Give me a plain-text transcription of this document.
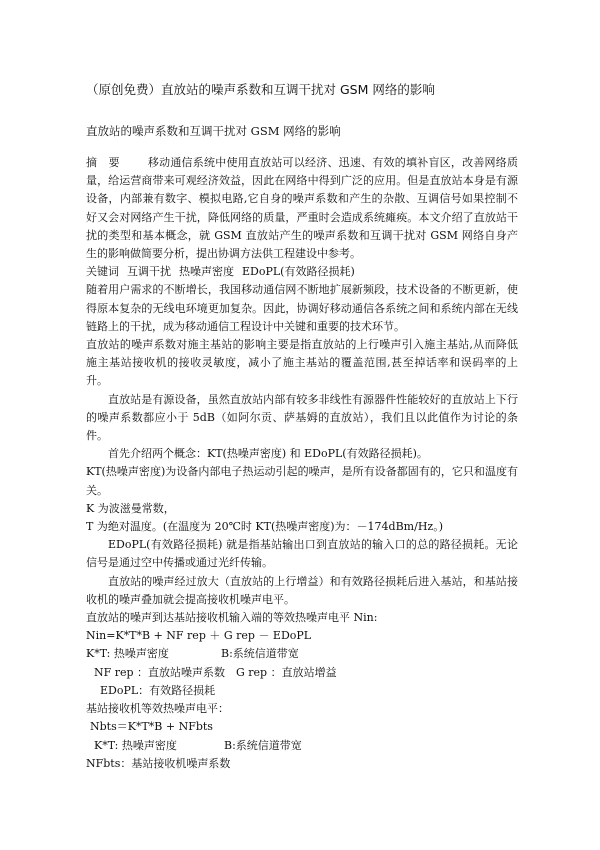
（原创免费）直放站的噪声系数和互调干扰对 GSM 网络的影响
直放站的噪声系数和互调干扰对 GSM 网络的影响

摘　要	移动通信系统中使用直放站可以经济、迅速、有效的填补盲区，改善网络质量，给运营商带来可观经济效益，因此在网络中得到广泛的应用。但是直放站本身是有源设备，内部兼有数字、模拟电路,它自身的噪声系数和产生的杂散、互调信号如果控制不好又会对网络产生干扰，降低网络的质量，严重时会造成系统瘫痪。本文介绍了直放站干扰的类型和基本概念，就 GSM 直放站产生的噪声系数和互调干扰对 GSM 网络自身产生的影响做简要分析，提出协调方法供工程建设中参考。

关键词 互调干扰 热噪声密度 EDoPL(有效路径损耗)

随着用户需求的不断增长，我国移动通信网不断地扩展新频段，技术设备的不断更新，使得原本复杂的无线电环境更加复杂。因此，协调好移动通信各系统之间和系统内部在无线链路上的干扰，成为移动通信工程设计中关键和重要的技术环节。

直放站的噪声系数对施主基站的影响主要是指直放站的上行噪声引入施主基站,从而降低施主基站接收机的接收灵敏度，减小了施主基站的覆盖范围,甚至掉话率和误码率的上升。

直放站是有源设备，虽然直放站内部有较多非线性有源器件性能较好的直放站上下行的噪声系数都应小于 5dB（如阿尔贡、萨基姆的直放站），我们且以此值作为讨论的条件。

首先介绍两个概念：KT(热噪声密度) 和 EDoPL(有效路径损耗)。

KT(热噪声密度)为设备内部电子热运动引起的噪声，是所有设备都固有的，它只和温度有关。

K 为波滋曼常数，

T 为绝对温度。(在温度为 20℃时 KT(热噪声密度)为：－174dBm/Hz。)

EDoPL(有效路径损耗) 就是指基站输出口到直放站的输入口的总的路径损耗。无论信号是通过空中传播或通过光纤传输。

直放站的噪声经过放大（直放站的上行增益）和有效路径损耗后进入基站，和基站接收机的噪声叠加就会提高接收机噪声电平。

直放站的噪声到达基站接收机输入端的等效热噪声电平 Nin:

Nin=K*T*B + NF rep ＋ G rep － EDoPL

K*T: 热噪声密度	B:系统信道带宽

NF rep ：直放站噪声系数 G rep ：直放站增益

EDoPL：有效路径损耗

基站接收机等效热噪声电平：

Nbts＝K*T*B + NFbts

K*T: 热噪声密度	B:系统信道带宽

NFbts：基站接收机噪声系数
